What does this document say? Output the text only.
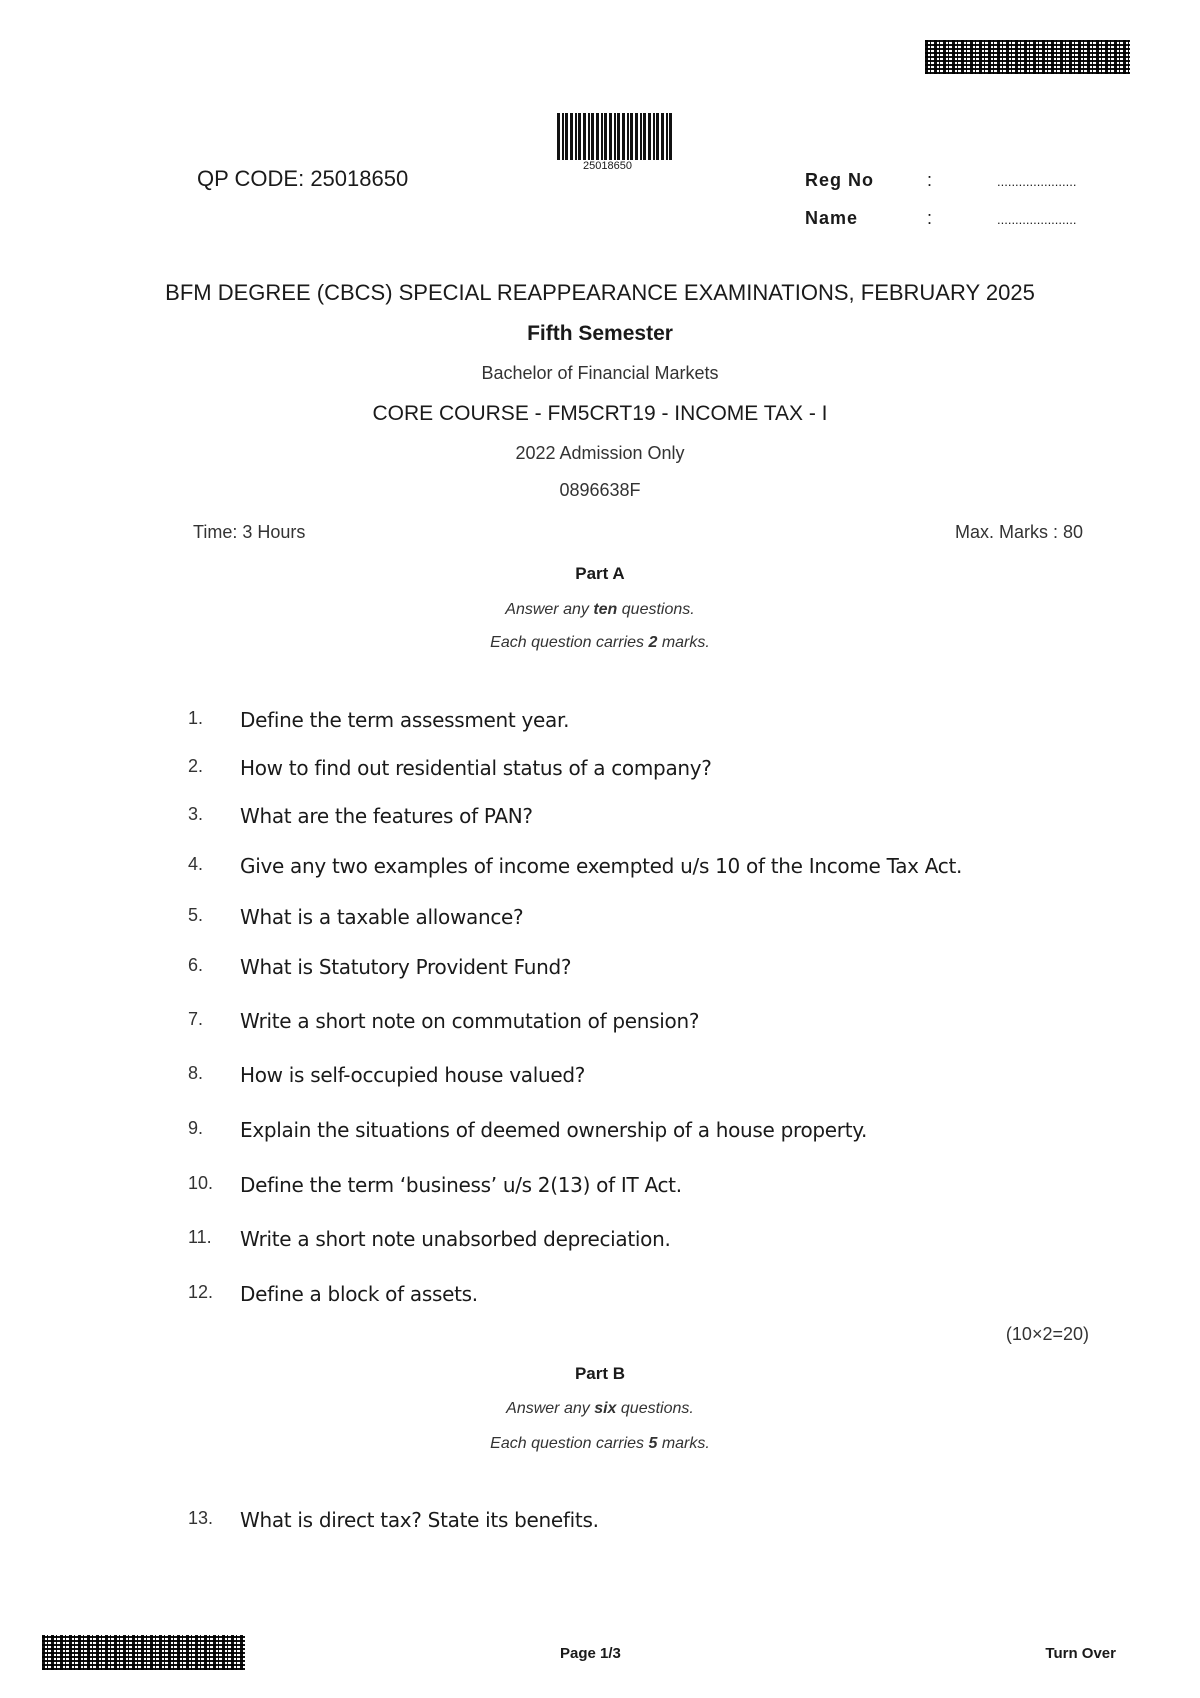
25018650
QP CODE: 25018650	Reg No	:	......................
Name	:	......................
BFM DEGREE (CBCS) SPECIAL REAPPEARANCE EXAMINATIONS, FEBRUARY 2025
Fifth Semester
Bachelor of Financial Markets
CORE COURSE - FM5CRT19 - INCOME TAX - I
2022 Admission Only
0896638F
Time: 3 Hours	Max. Marks : 80
Part A
Answer any ten questions.
Each question carries 2 marks.
1. Define the term assessment year.
2. How to find out residential status of a company?
3. What are the features of PAN?
4. Give any two examples of income exempted u/s 10 of the Income Tax Act.
5. What is a taxable allowance?
6. What is Statutory Provident Fund?
7. Write a short note on commutation of pension?
8. How is self-occupied house valued?
9. Explain the situations of deemed ownership of a house property.
10. Define the term ‘business’ u/s 2(13) of IT Act.
11. Write a short note unabsorbed depreciation.
12. Define a block of assets.
(10×2=20)
Part B
Answer any six questions.
Each question carries 5 marks.
13. What is direct tax? State its benefits.
Page 1/3	Turn Over
